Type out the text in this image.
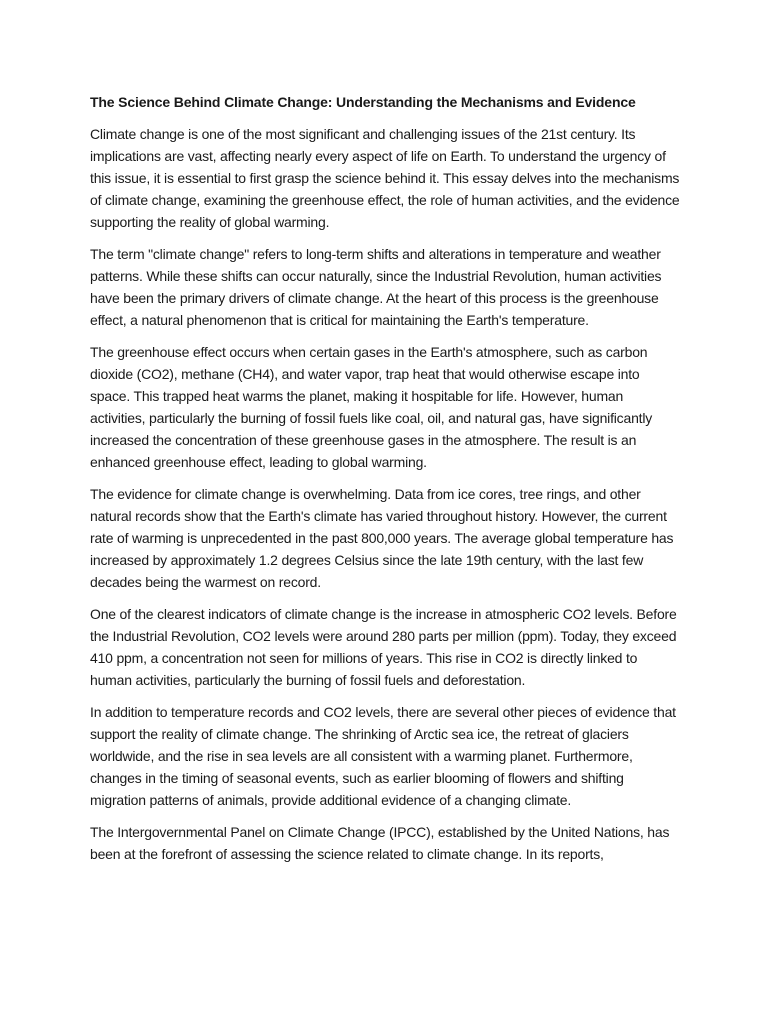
The Science Behind Climate Change: Understanding the Mechanisms and Evidence

Climate change is one of the most significant and challenging issues of the 21st century. Its implications are vast, affecting nearly every aspect of life on Earth. To understand the urgency of this issue, it is essential to first grasp the science behind it. This essay delves into the mechanisms of climate change, examining the greenhouse effect, the role of human activities, and the evidence supporting the reality of global warming.

The term "climate change" refers to long-term shifts and alterations in temperature and weather patterns. While these shifts can occur naturally, since the Industrial Revolution, human activities have been the primary drivers of climate change. At the heart of this process is the greenhouse effect, a natural phenomenon that is critical for maintaining the Earth's temperature.

The greenhouse effect occurs when certain gases in the Earth's atmosphere, such as carbon dioxide (CO2), methane (CH4), and water vapor, trap heat that would otherwise escape into space. This trapped heat warms the planet, making it hospitable for life. However, human activities, particularly the burning of fossil fuels like coal, oil, and natural gas, have significantly increased the concentration of these greenhouse gases in the atmosphere. The result is an enhanced greenhouse effect, leading to global warming.

The evidence for climate change is overwhelming. Data from ice cores, tree rings, and other natural records show that the Earth's climate has varied throughout history. However, the current rate of warming is unprecedented in the past 800,000 years. The average global temperature has increased by approximately 1.2 degrees Celsius since the late 19th century, with the last few decades being the warmest on record.

One of the clearest indicators of climate change is the increase in atmospheric CO2 levels. Before the Industrial Revolution, CO2 levels were around 280 parts per million (ppm). Today, they exceed 410 ppm, a concentration not seen for millions of years. This rise in CO2 is directly linked to human activities, particularly the burning of fossil fuels and deforestation.

In addition to temperature records and CO2 levels, there are several other pieces of evidence that support the reality of climate change. The shrinking of Arctic sea ice, the retreat of glaciers worldwide, and the rise in sea levels are all consistent with a warming planet. Furthermore, changes in the timing of seasonal events, such as earlier blooming of flowers and shifting migration patterns of animals, provide additional evidence of a changing climate.

The Intergovernmental Panel on Climate Change (IPCC), established by the United Nations, has been at the forefront of assessing the science related to climate change. In its reports,
